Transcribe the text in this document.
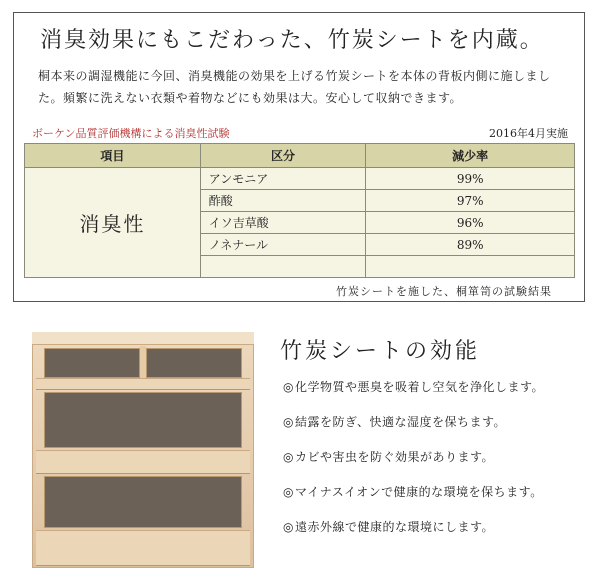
消臭効果にもこだわった、竹炭シートを内蔵。
桐本来の調湿機能に今回、消臭機能の効果を上げる竹炭シートを本体の背板内側に施しました。頻繁に洗えない衣類や着物などにも効果は大。安心して収納できます。
ボーケン品質評価機構による消臭性試験	2016年4月実施
項目	区分	減少率
消臭性	アンモニア	99%
	酢酸	97%
	イソ吉草酸	96%
	ノネナール	89%

竹炭シートを施した、桐箪笥の試験結果
竹炭シートの効能
◎化学物質や悪臭を吸着し空気を浄化します。
◎結露を防ぎ、快適な湿度を保ちます。
◎カビや害虫を防ぐ効果があります。
◎マイナスイオンで健康的な環境を保ちます。
◎遠赤外線で健康的な環境にします。
